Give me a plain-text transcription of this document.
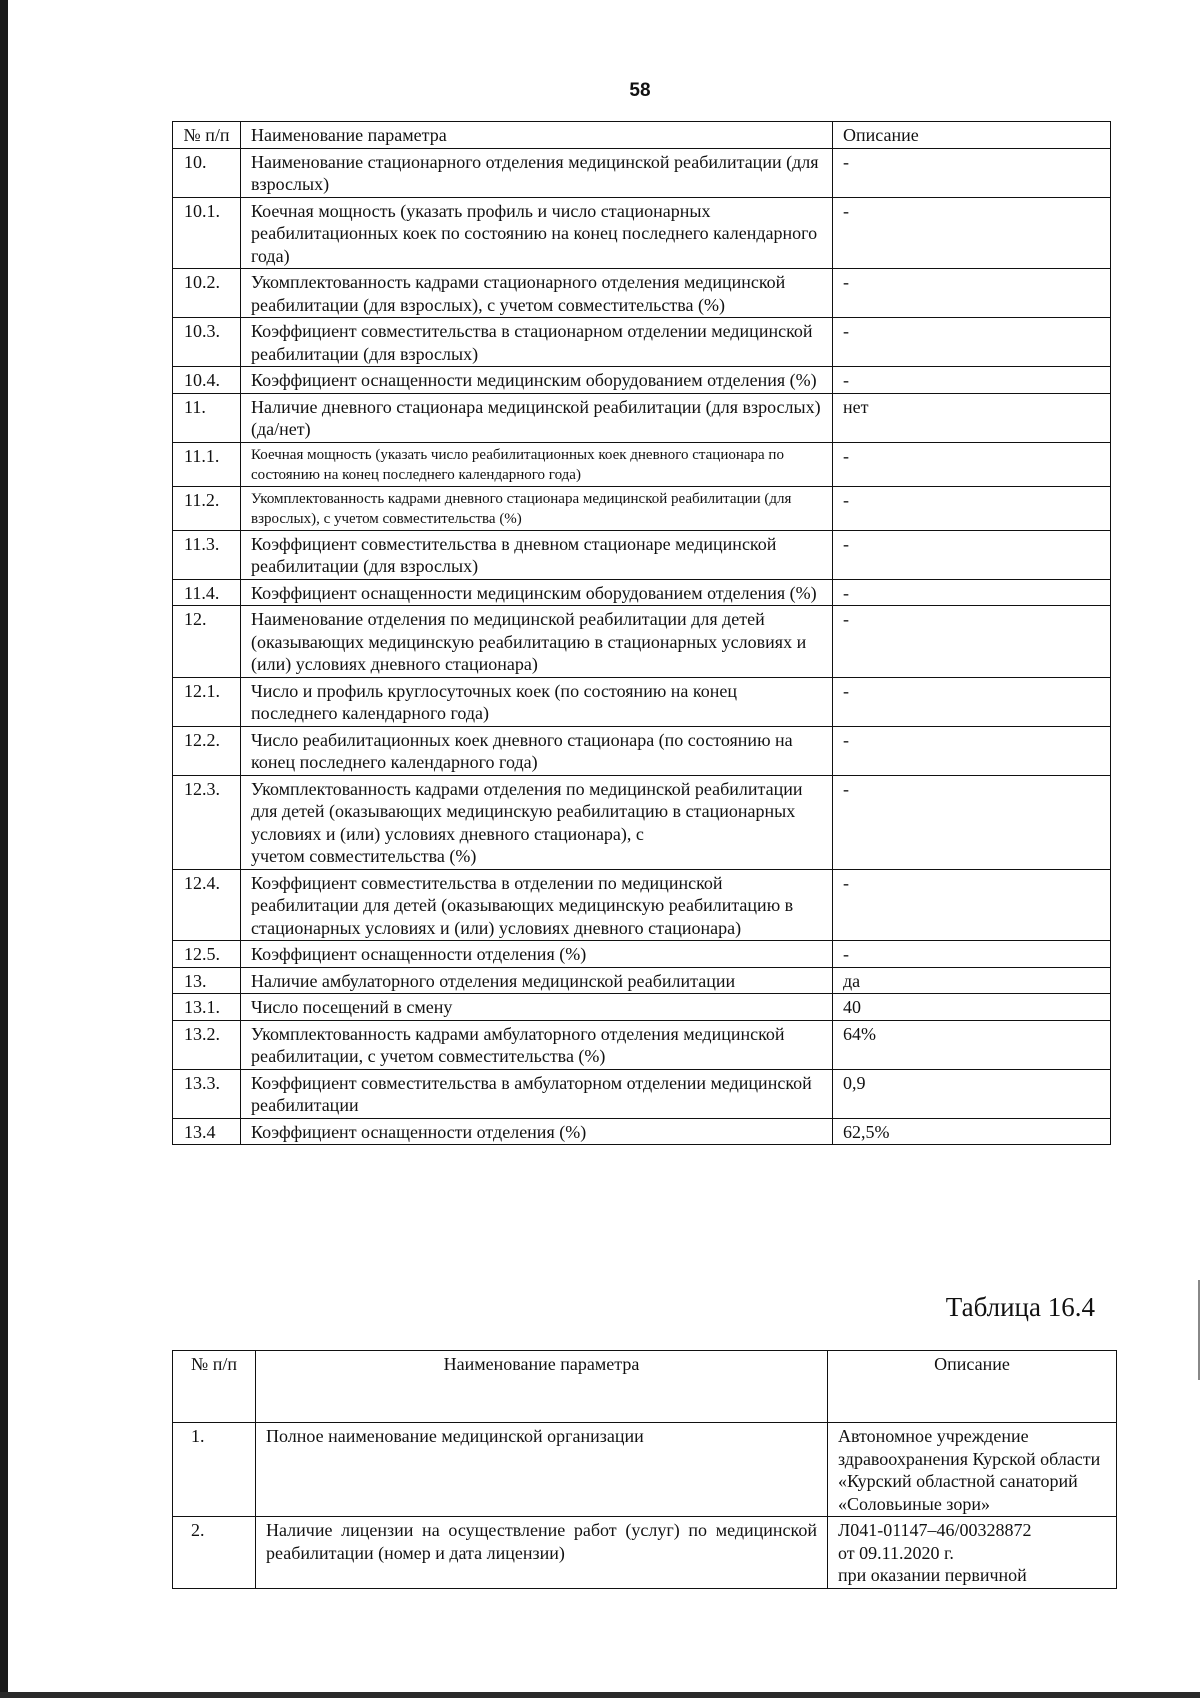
58
№ п/п	Наименование параметра	Описание
10.	Наименование стационарного отделения медицинской реабилитации (для взрослых)	-
10.1.	Коечная мощность (указать профиль и число стационарных реабилитационных коек по состоянию на конец последнего календарного года)	-
10.2.	Укомплектованность кадрами стационарного отделения медицинской реабилитации (для взрослых), с учетом совместительства (%)	-
10.3.	Коэффициент совместительства в стационарном отделении медицинской реабилитации (для взрослых)	-
10.4.	Коэффициент оснащенности медицинским оборудованием отделения (%)	-
11.	Наличие дневного стационара медицинской реабилитации (для взрослых) (да/нет)	нет
11.1.	Коечная мощность (указать число реабилитационных коек дневного стационара по состоянию на конец последнего календарного года)	-
11.2.	Укомплектованность кадрами дневного стационара медицинской реабилитации (для взрослых), с учетом совместительства (%)	-
11.3.	Коэффициент совместительства в дневном стационаре медицинской реабилитации (для взрослых)	-
11.4.	Коэффициент оснащенности медицинским оборудованием отделения (%)	-
12.	Наименование отделения по медицинской реабилитации для детей (оказывающих медицинскую реабилитацию в стационарных условиях и (или) условиях дневного стационара)	-
12.1.	Число и профиль круглосуточных коек (по состоянию на конец последнего календарного года)	-
12.2.	Число реабилитационных коек дневного стационара (по состоянию на конец последнего календарного года)	-
12.3.	Укомплектованность кадрами отделения по медицинской реабилитации для детей (оказывающих медицинскую реабилитацию в стационарных условиях и (или) условиях дневного стационара), с
учетом совместительства (%)	-
12.4.	Коэффициент совместительства в отделении по медицинской реабилитации для детей (оказывающих медицинскую реабилитацию в стационарных условиях и (или) условиях дневного стационара)	-
12.5.	Коэффициент оснащенности отделения (%)	-
13.	Наличие амбулаторного отделения медицинской реабилитации	да
13.1.	Число посещений в смену	40
13.2.	Укомплектованность кадрами амбулаторного отделения медицинской реабилитации, с учетом совместительства (%)	64%
13.3.	Коэффициент совместительства в амбулаторном отделении медицинской реабилитации	0,9
13.4	Коэффициент оснащенности отделения (%)	62,5%
Таблица 16.4
№ п/п	Наименование параметра	Описание
1.	Полное наименование медицинской организации	Автономное учреждение здравоохранения Курской области «Курский областной санаторий «Соловьиные зори»
2.	Наличие лицензии на осуществление работ (услуг) по медицинской реабилитации (номер и дата лицензии)	Л041-01147–46/00328872
от 09.11.2020 г.
при оказании первичной
